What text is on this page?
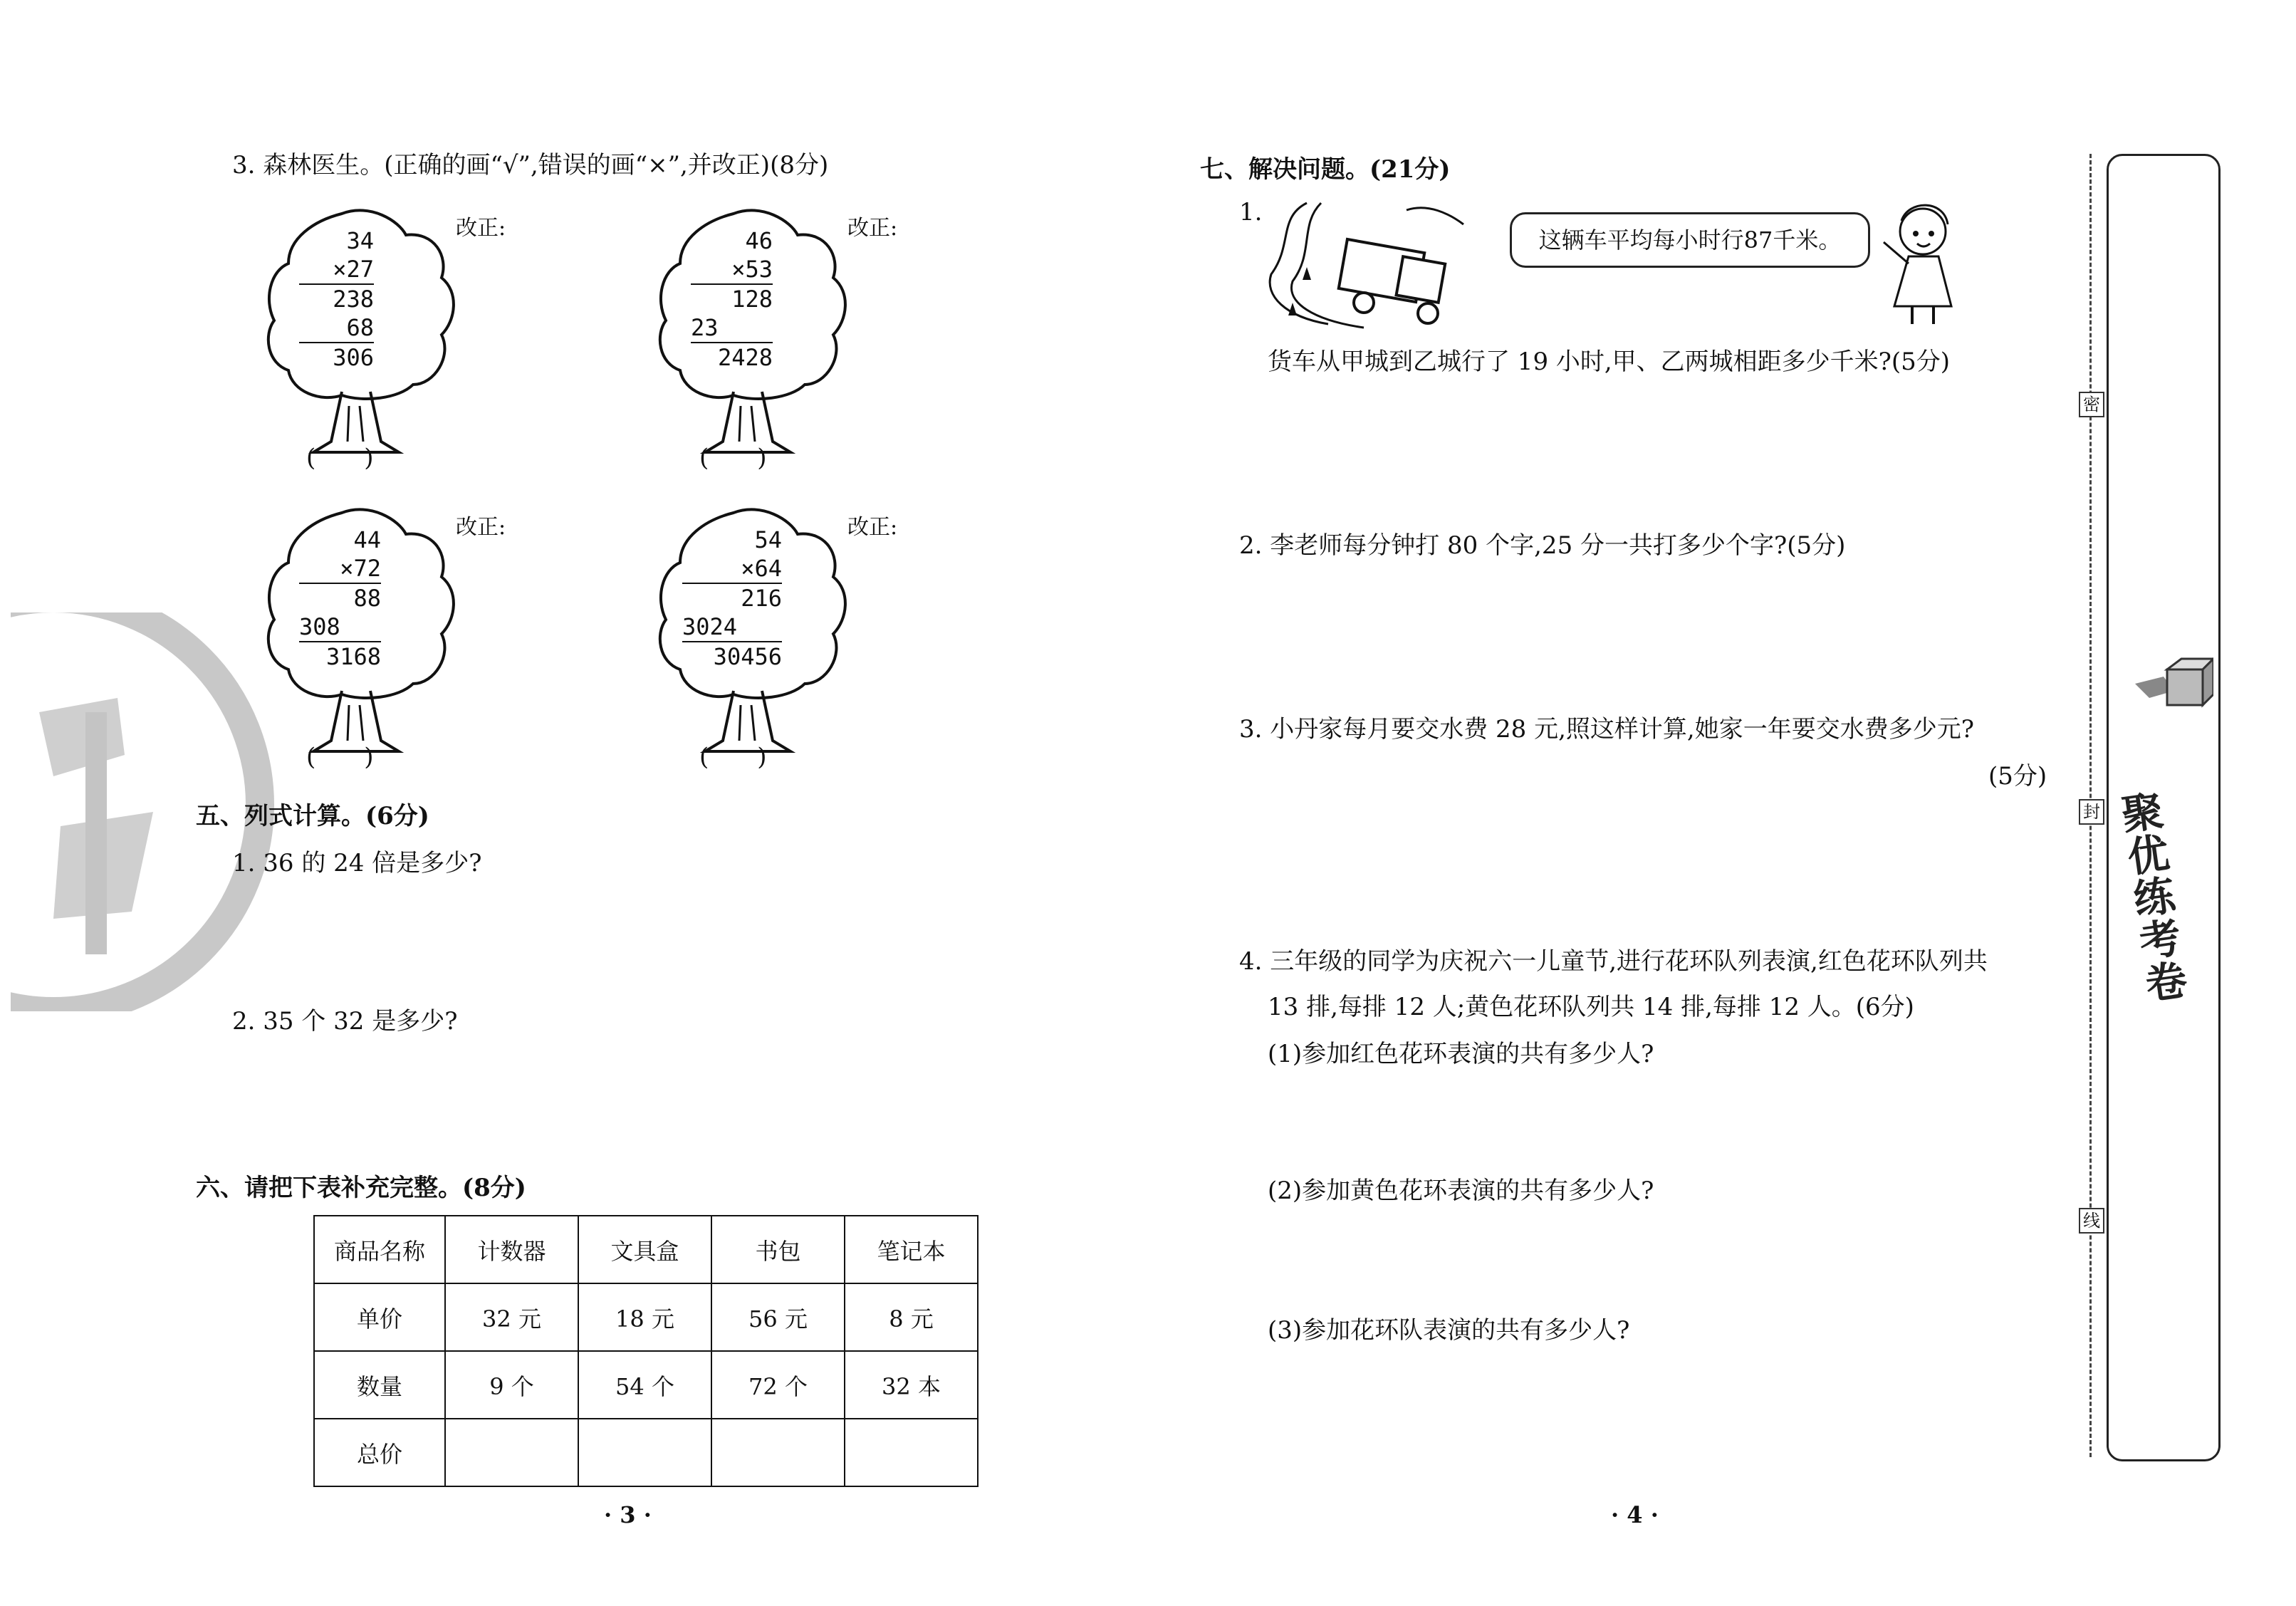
3. 森林医生。(正确的画“√”,错误的画“×”,并改正)(8分)
34
×27
238
68
306
46
×53
128
23
2428
44
×72
88
308
3168
54
×64
216
3024
30456
改正:	改正:
改正:	改正:
(　　)	(　　)
(　　)	(　　)
五、列式计算。(6分)
1. 36 的 24 倍是多少?
2. 35 个 32 是多少?
六、请把下表补充完整。(8分)
商品名称	计数器	文具盒	书包	笔记本
单价	32 元	18 元	56 元	8 元
数量	9 个	54 个	72 个	32 本
总价				
· 3 ·
七、解决问题。(21分)
1.
这辆车平均每小时行87千米。
货车从甲城到乙城行了 19 小时,甲、乙两城相距多少千米?(5分)
2. 李老师每分钟打 80 个字,25 分一共打多少个字?(5分)
3. 小丹家每月要交水费 28 元,照这样计算,她家一年要交水费多少元?
(5分)
4. 三年级的同学为庆祝六一儿童节,进行花环队列表演,红色花环队列共
13 排,每排 12 人;黄色花环队列共 14 排,每排 12 人。(6分)
(1)参加红色花环表演的共有多少人?
(2)参加黄色花环表演的共有多少人?
(3)参加花环队表演的共有多少人?
· 4 ·
密
封
线
聚优练考卷
